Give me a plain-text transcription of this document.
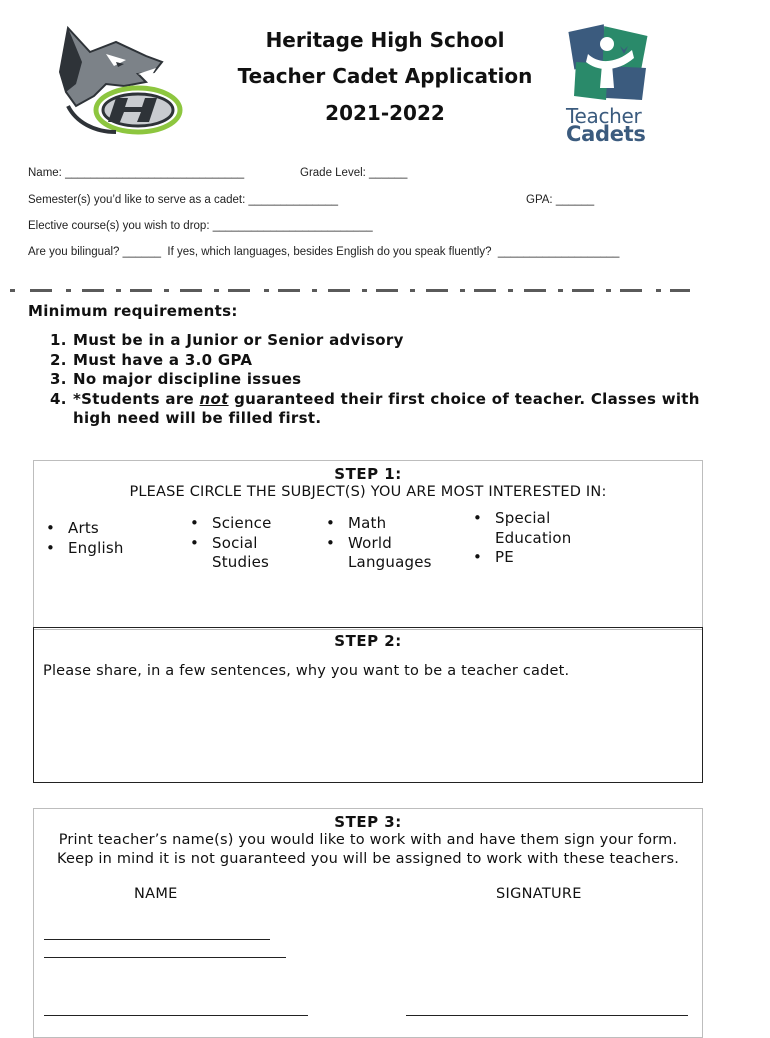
Heritage High School
Teacher Cadet Application
2021-2022	Teacher
Cadets
Name: ____________________________	Grade Level: ______
Semester(s) you’d like to serve as a cadet: ______________	GPA: ______
Elective course(s) you wish to drop: _________________________
Are you bilingual? ______  If yes, which languages, besides English do you speak fluently?  ___________________
Minimum requirements:
1. Must be in a Junior or Senior advisory
2. Must have a 3.0 GPA
3. No major discipline issues
4. *Students are not guaranteed their first choice of teacher. Classes with high need will be filled first.
STEP 1:
PLEASE CIRCLE THE SUBJECT(S) YOU ARE MOST INTERESTED IN:
• Arts
• English
• Science
• Social Studies
• Math
• World Languages
• Special Education
• PE
STEP 2:
Please share, in a few sentences, why you want to be a teacher cadet.
STEP 3:
Print teacher’s name(s) you would like to work with and have them sign your form.
Keep in mind it is not guaranteed you will be assigned to work with these teachers.
NAME	SIGNATURE
